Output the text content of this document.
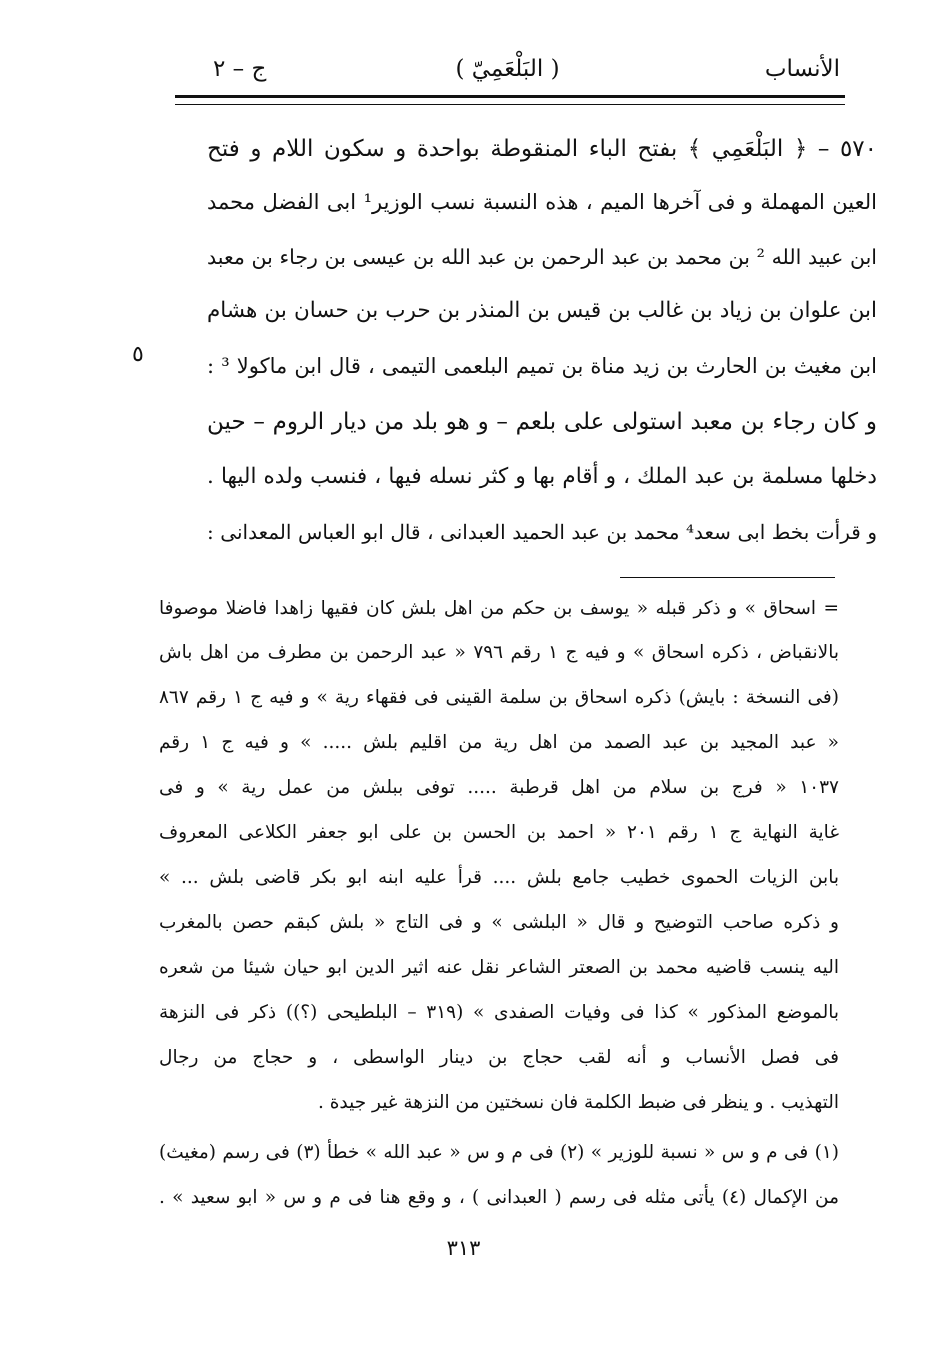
الأنساب
( البَلْعَمِيّ )
ج – ٢
٥٧٠ – ﴿ البَلْعَمِي ﴾ بفتح الباء المنقوطة بواحدة و سكون اللام و فتح
العين المهملة و فى آخرها الميم ، هذه النسبة نسب الوزير¹ ابى الفضل محمد
ابن عبيد الله ² بن محمد بن عبد الرحمن بن عبد الله بن عيسى بن رجاء بن معبد
ابن علوان بن زياد بن غالب بن قيس بن المنذر بن حرب بن حسان بن هشام
ابن مغيث بن الحارث بن زيد مناة بن تميم البلعمى التيمى ، قال ابن ماكولا ³ :
و كان رجاء بن معبد استولى على بلعم – و هو بلد من ديار الروم – حين
دخلها مسلمة بن عبد الملك ، و أقام بها و كثر نسله فيها ، فنسب ولده اليها .
و قرأت بخط ابى سعد⁴ محمد بن عبد الحميد العبدانى ، قال ابو العباس المعدانى :
٥
= اسحاق » و ذكر قبله « يوسف بن حكم من اهل بلش كان فقيها زاهدا فاضلا موصوفا
بالانقباض ، ذكره اسحاق » و فيه ج ١ رقم ٧٩٦ « عبد الرحمن بن مطرف من اهل باش
(فى النسخة : بايش) ذكره اسحاق بن سلمة القينى فى فقهاء رية » و فيه ج ١ رقم ٨٦٧
« عبد المجيد بن عبد الصمد من اهل رية من اقليم بلش ..... » و فيه ج ١ رقم
١٠٣٧ « فرج بن سلام من اهل قرطبة ..... توفى ببلش من عمل رية » و فى
غاية النهاية ج ١ رقم ٢٠١ « احمد بن الحسن بن على ابو جعفر الكلاعى المعروف
بابن الزيات الحموى خطيب جامع بلش .... قرأ عليه ابنه ابو بكر قاضى بلش ... »
و ذكره صاحب التوضيح و قال « البلشى » و فى التاج « بلش كبقم حصن بالمغرب
اليه ينسب قاضيه محمد بن الصعتر الشاعر نقل عنه اثير الدين ابو حيان شيئا من شعره
بالموضع المذكور » كذا فى وفيات الصفدى » (٣١٩ – البلطيحى (؟)) ذكر فى النزهة
فى فصل الأنساب و أنه لقب حجاج بن دينار الواسطى ، و حجاج من رجال
التهذيب . و ينظر فى ضبط الكلمة فان نسختين من النزهة غير جيدة .
(١) فى م و س « نسبة للوزير » (٢) فى م و س « عبد الله » خطأ (٣) فى رسم (مغيث)
من الإكمال (٤) يأتى مثله فى رسم ( العبدانى ) ، و وقع هنا فى م و س « ابو سعيد » .
٣١٣
